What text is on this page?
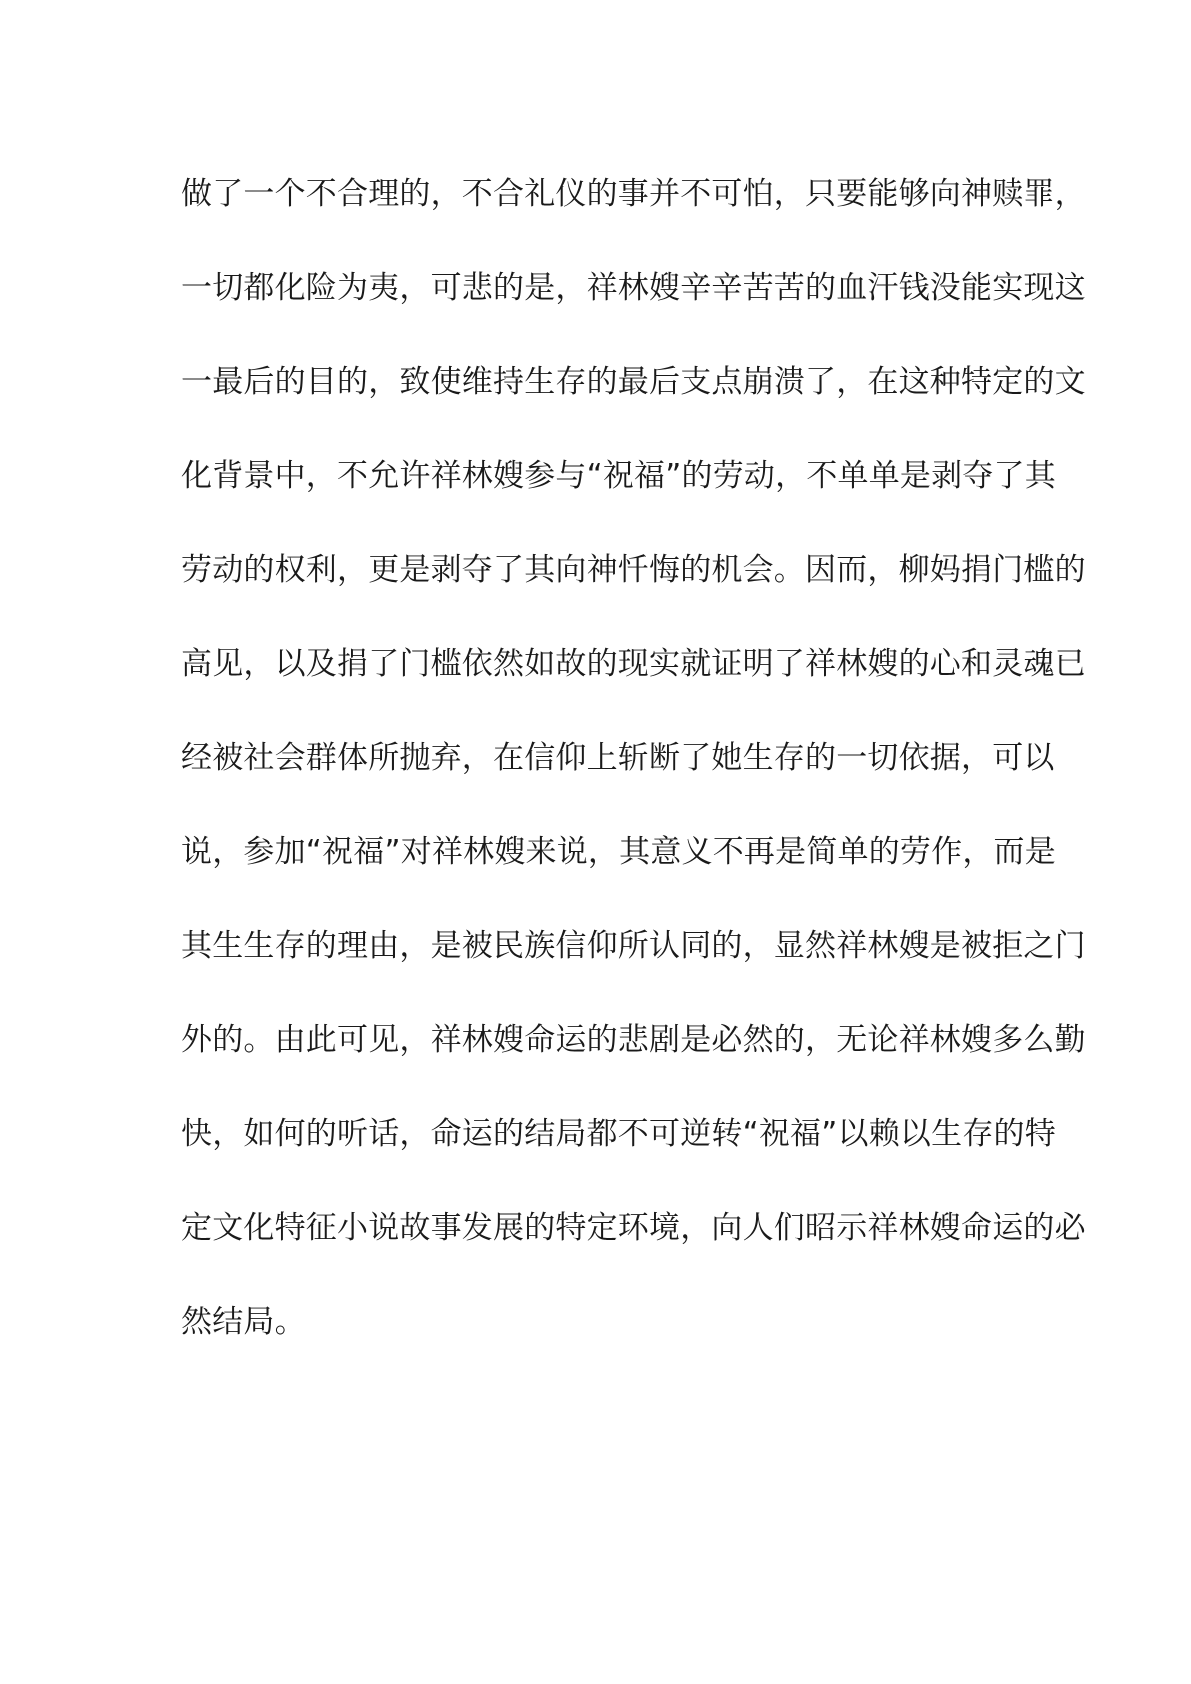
做了一个不合理的，不合礼仪的事并不可怕，只要能够向神赎罪，
一切都化险为夷，可悲的是，祥林嫂辛辛苦苦的血汗钱没能实现这
一最后的目的，致使维持生存的最后支点崩溃了，在这种特定的文
化背景中，不允许祥林嫂参与“祝福”的劳动，不单单是剥夺了其
劳动的权利，更是剥夺了其向神忏悔的机会。因而，柳妈捐门槛的
高见，以及捐了门槛依然如故的现实就证明了祥林嫂的心和灵魂已
经被社会群体所抛弃，在信仰上斩断了她生存的一切依据，可以
说，参加“祝福”对祥林嫂来说，其意义不再是简单的劳作，而是
其生生存的理由，是被民族信仰所认同的，显然祥林嫂是被拒之门
外的。由此可见，祥林嫂命运的悲剧是必然的，无论祥林嫂多么勤
快，如何的听话，命运的结局都不可逆转“祝福”以赖以生存的特
定文化特征小说故事发展的特定环境，向人们昭示祥林嫂命运的必
然结局。
